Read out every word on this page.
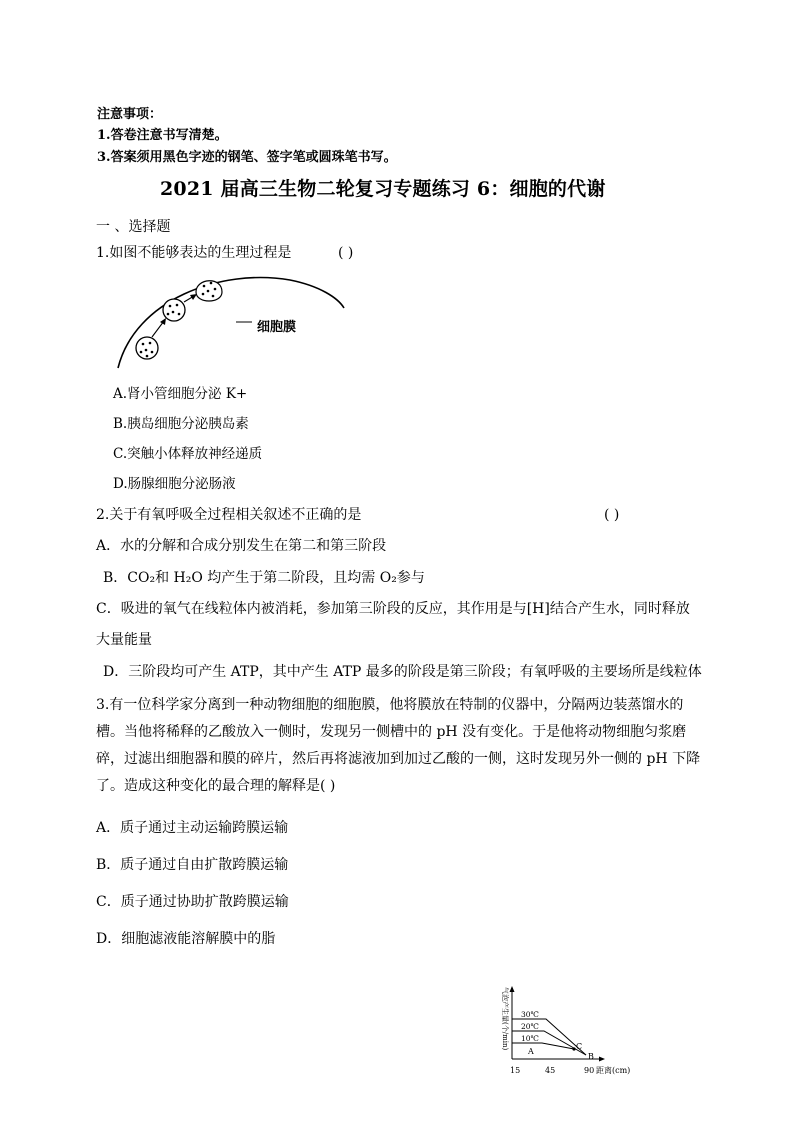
注意事项：
1.答卷注意书写清楚。
3.答案须用黑色字迹的钢笔、签字笔或圆珠笔书写。
2021 届高三生物二轮复习专题练习 6：细胞的代谢
一 、选择题
1.如图不能够表达的生理过程是	( )
细胞膜
A.肾小管细胞分泌 K+
B.胰岛细胞分泌胰岛素
C.突触小体释放神经递质
D.肠腺细胞分泌肠液
2.关于有氧呼吸全过程相关叙述不正确的是	( )
A．水的分解和合成分别发生在第二和第三阶段
B．CO₂和 H₂O 均产生于第二阶段，且均需 O₂参与
C．吸进的氧气在线粒体内被消耗，参加第三阶段的反应，其作用是与[H]结合产生水，同时释放
大量能量
D．三阶段均可产生 ATP，其中产生 ATP 最多的阶段是第三阶段；有氧呼吸的主要场所是线粒体
3.有一位科学家分离到一种动物细胞的细胞膜，他将膜放在特制的仪器中，分隔两边装蒸馏水的
槽。当他将稀释的乙酸放入一侧时，发现另一侧槽中的 pH 没有变化。于是他将动物细胞匀浆磨
碎，过滤出细胞器和膜的碎片，然后再将滤液加到加过乙酸的一侧，这时发现另外一侧的 pH 下降
了。造成这种变化的最合理的解释是( )
A．质子通过主动运输跨膜运输
B．质子通过自由扩散跨膜运输
C．质子通过协助扩散跨膜运输
D．细胞滤液能溶解膜中的脂
气泡产生量(个/min) 30℃
20℃
10℃
A
B
C
15	45	90 距离(cm)
